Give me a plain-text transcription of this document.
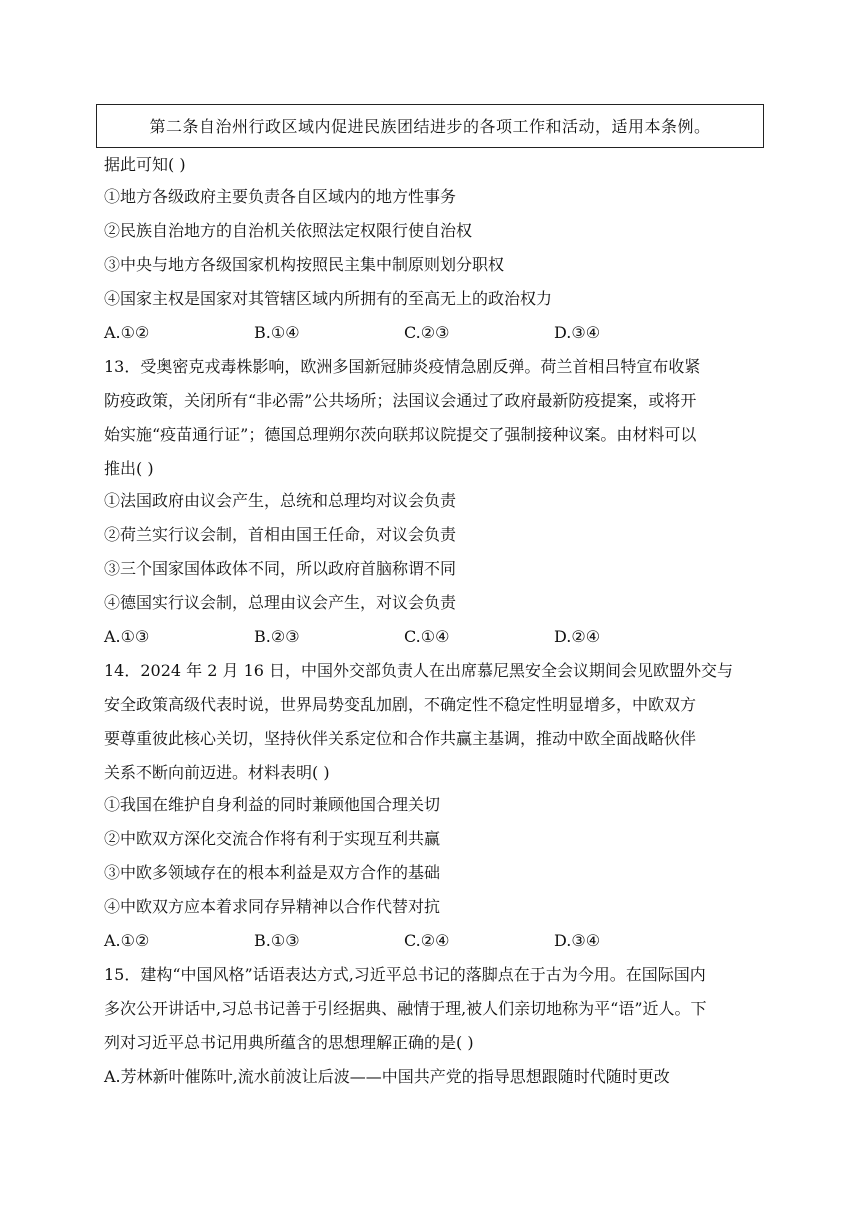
第二条自治州行政区域内促进民族团结进步的各项工作和活动，适用本条例。
据此可知( )
①地方各级政府主要负责各自区域内的地方性事务
②民族自治地方的自治机关依照法定权限行使自治权
③中央与地方各级国家机构按照民主集中制原则划分职权
④国家主权是国家对其管辖区域内所拥有的至高无上的政治权力
A.①②	B.①④	C.②③	D.③④
13．受奥密克戎毒株影响，欧洲多国新冠肺炎疫情急剧反弹。荷兰首相吕特宣布收紧
防疫政策，关闭所有“非必需”公共场所；法国议会通过了政府最新防疫提案，或将开
始实施“疫苗通行证”；德国总理朔尔茨向联邦议院提交了强制接种议案。由材料可以
推出( )
①法国政府由议会产生，总统和总理均对议会负责
②荷兰实行议会制，首相由国王任命，对议会负责
③三个国家国体政体不同，所以政府首脑称谓不同
④德国实行议会制，总理由议会产生，对议会负责
A.①③	B.②③	C.①④	D.②④
14．2024 年 2 月 16 日，中国外交部负责人在出席慕尼黑安全会议期间会见欧盟外交与
安全政策高级代表时说，世界局势变乱加剧，不确定性不稳定性明显增多，中欧双方
要尊重彼此核心关切，坚持伙伴关系定位和合作共赢主基调，推动中欧全面战略伙伴
关系不断向前迈进。材料表明( )
①我国在维护自身利益的同时兼顾他国合理关切
②中欧双方深化交流合作将有利于实现互利共赢
③中欧多领域存在的根本利益是双方合作的基础
④中欧双方应本着求同存异精神以合作代替对抗
A.①②	B.①③	C.②④	D.③④
15．建构“中国风格”话语表达方式,习近平总书记的落脚点在于古为今用。在国际国内
多次公开讲话中,习总书记善于引经据典、融情于理,被人们亲切地称为平“语”近人。下
列对习近平总书记用典所蕴含的思想理解正确的是( )
A.芳林新叶催陈叶,流水前波让后波——中国共产党的指导思想跟随时代随时更改
